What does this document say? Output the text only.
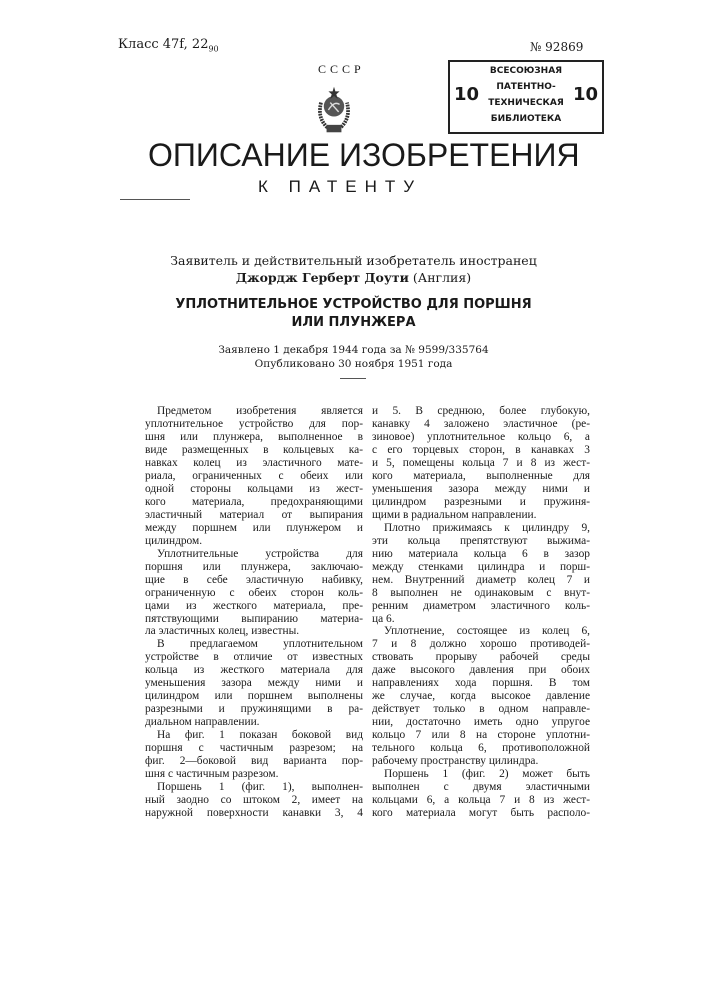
Класс 47f, 2290	№ 92869
СССР	ВСЕСОЮЗНАЯ
ПАТЕНТНО-
ТЕХНИЧЕСКАЯ
БИБЛИОТЕКА
10	10
ОПИСАНИЕ ИЗОБРЕТЕНИЯ
К ПАТЕНТУ
Заявитель и действительный изобретатель иностранец
Джордж Герберт Доути (Англия)
УПЛОТНИТЕЛЬНОЕ УСТРОЙСТВО ДЛЯ ПОРШНЯ
ИЛИ ПЛУНЖЕРА
Заявлено 1 декабря 1944 года за № 9599/335764
Опубликовано 30 ноября 1951 года
Предметом изобретения является
уплотнительное устройство для пор-
шня или плунжера, выполненное в
виде размещенных в кольцевых ка-
навках колец из эластичного мате-
риала, ограниченных с обеих или
одной стороны кольцами из жест-
кого материала, предохраняющими
эластичный материал от выпирания
между поршнем или плунжером и
цилиндром.
Уплотнительные устройства для
поршня или плунжера, заключаю-
щие в себе эластичную набивку,
ограниченную с обеих сторон коль-
цами из жесткого материала, пре-
пятствующими выпиранию материа-
ла эластичных колец, известны.
В предлагаемом уплотнительном
устройстве в отличие от известных
кольца из жесткого материала для
уменьшения зазора между ними и
цилиндром или поршнем выполнены
разрезными и пружинящими в ра-
диальном направлении.
На фиг. 1 показан боковой вид
поршня с частичным разрезом; на
фиг. 2—боковой вид варианта пор-
шня с частичным разрезом.
Поршень 1 (фиг. 1), выполнен-
ный заодно со штоком 2, имеет на
наружной поверхности канавки 3, 4
и 5. В среднюю, более глубокую,
канавку 4 заложено эластичное (ре-
зиновое) уплотнительное кольцо 6, а
с его торцевых сторон, в канавках 3
и 5, помещены кольца 7 и 8 из жест-
кого материала, выполненные для
уменьшения зазора между ними и
цилиндром разрезными и пружиня-
щими в радиальном направлении.
Плотно прижимаясь к цилиндру 9,
эти кольца препятствуют выжима-
нию материала кольца 6 в зазор
между стенками цилиндра и порш-
нем. Внутренний диаметр колец 7 и
8 выполнен не одинаковым с внут-
ренним диаметром эластичного коль-
ца 6.
Уплотнение, состоящее из колец 6,
7 и 8 должно хорошо противодей-
ствовать прорыву рабочей среды
даже высокого давления при обоих
направлениях хода поршня. В том
же случае, когда высокое давление
действует только в одном направле-
нии, достаточно иметь одно упругое
кольцо 7 или 8 на стороне уплотни-
тельного кольца 6, противоположной
рабочему пространству цилиндра.
Поршень 1 (фиг. 2) может быть
выполнен с двумя эластичными
кольцами 6, а кольца 7 и 8 из жест-
кого материала могут быть располо-
